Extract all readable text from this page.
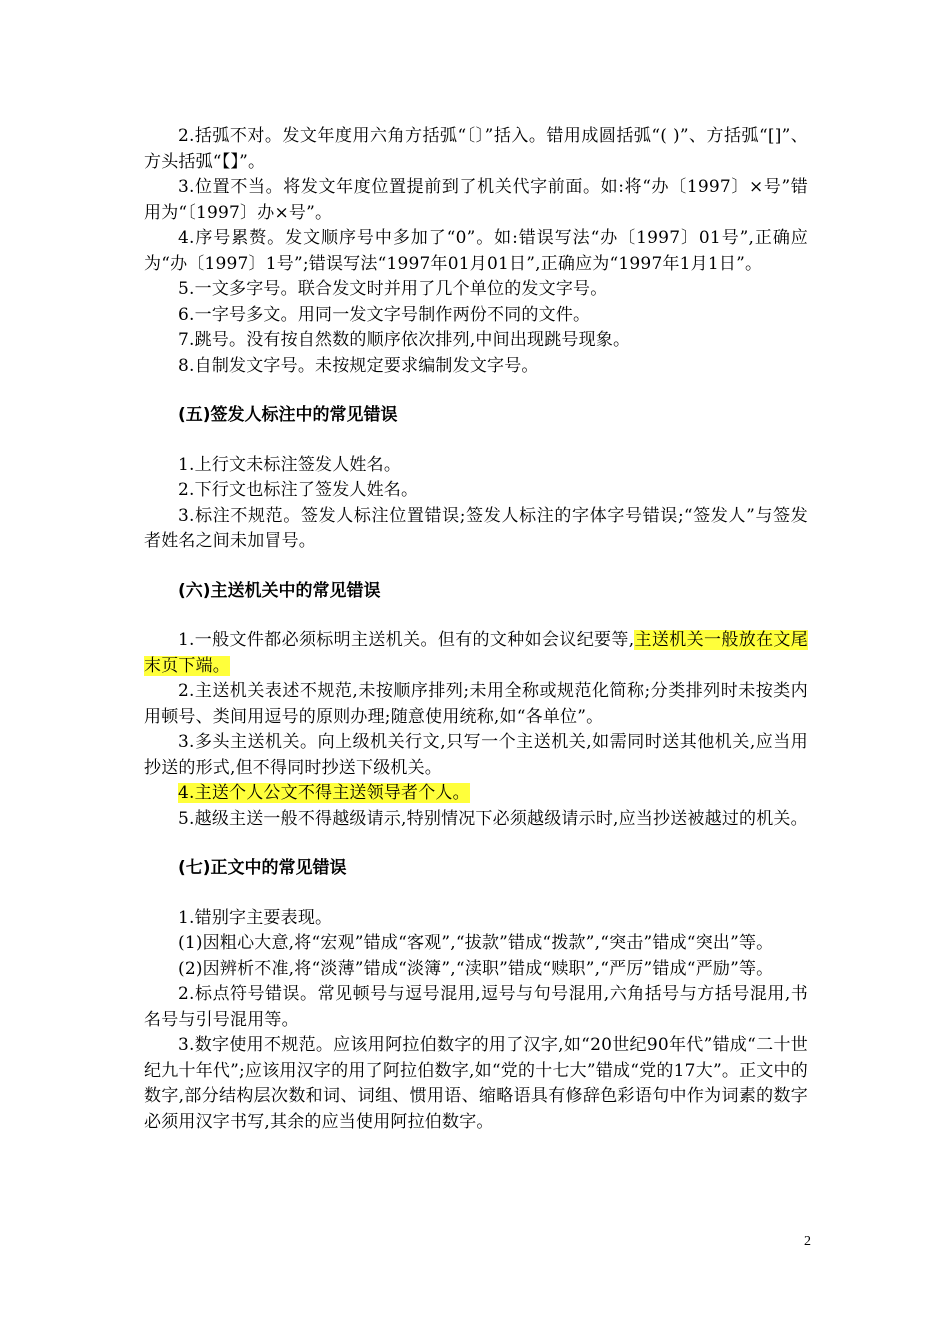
2.括弧不对。发文年度用六角方括弧“〔〕”括入。错用成圆括弧“( )”、方括弧“[]”、方头括弧“【】”。

3.位置不当。将发文年度位置提前到了机关代字前面。如:将“办〔1997〕×号”错用为“〔1997〕办×号”。

4.序号累赘。发文顺序号中多加了“0”。如:错误写法“办〔1997〕01号”,正确应为“办〔1997〕1号”;错误写法“1997年01月01日”,正确应为“1997年1月1日”。

5.一文多字号。联合发文时并用了几个单位的发文字号。

6.一字号多文。用同一发文字号制作两份不同的文件。

7.跳号。没有按自然数的顺序依次排列,中间出现跳号现象。

8.自制发文字号。未按规定要求编制发文字号。

(五)签发人标注中的常见错误

1.上行文未标注签发人姓名。

2.下行文也标注了签发人姓名。

3.标注不规范。签发人标注位置错误;签发人标注的字体字号错误;“签发人”与签发者姓名之间未加冒号。

(六)主送机关中的常见错误

1.一般文件都必须标明主送机关。但有的文种如会议纪要等,主送机关一般放在文尾末页下端。

2.主送机关表述不规范,未按顺序排列;未用全称或规范化简称;分类排列时未按类内用顿号、类间用逗号的原则办理;随意使用统称,如“各单位”。

3.多头主送机关。向上级机关行文,只写一个主送机关,如需同时送其他机关,应当用抄送的形式,但不得同时抄送下级机关。

4.主送个人公文不得主送领导者个人。

5.越级主送一般不得越级请示,特别情况下必须越级请示时,应当抄送被越过的机关。

(七)正文中的常见错误

1.错别字主要表现。

(1)因粗心大意,将“宏观”错成“客观”,“拔款”错成“拨款”,“突击”错成“突出”等。

(2)因辨析不准,将“淡薄”错成“淡簿”,“渎职”错成“赎职”,“严厉”错成“严励”等。

2.标点符号错误。常见顿号与逗号混用,逗号与句号混用,六角括号与方括号混用,书名号与引号混用等。

3.数字使用不规范。应该用阿拉伯数字的用了汉字,如“20世纪90年代”错成“二十世纪九十年代”;应该用汉字的用了阿拉伯数字,如“党的十七大”错成“党的17大”。正文中的数字,部分结构层次数和词、词组、惯用语、缩略语具有修辞色彩语句中作为词素的数字必须用汉字书写,其余的应当使用阿拉伯数字。

2
